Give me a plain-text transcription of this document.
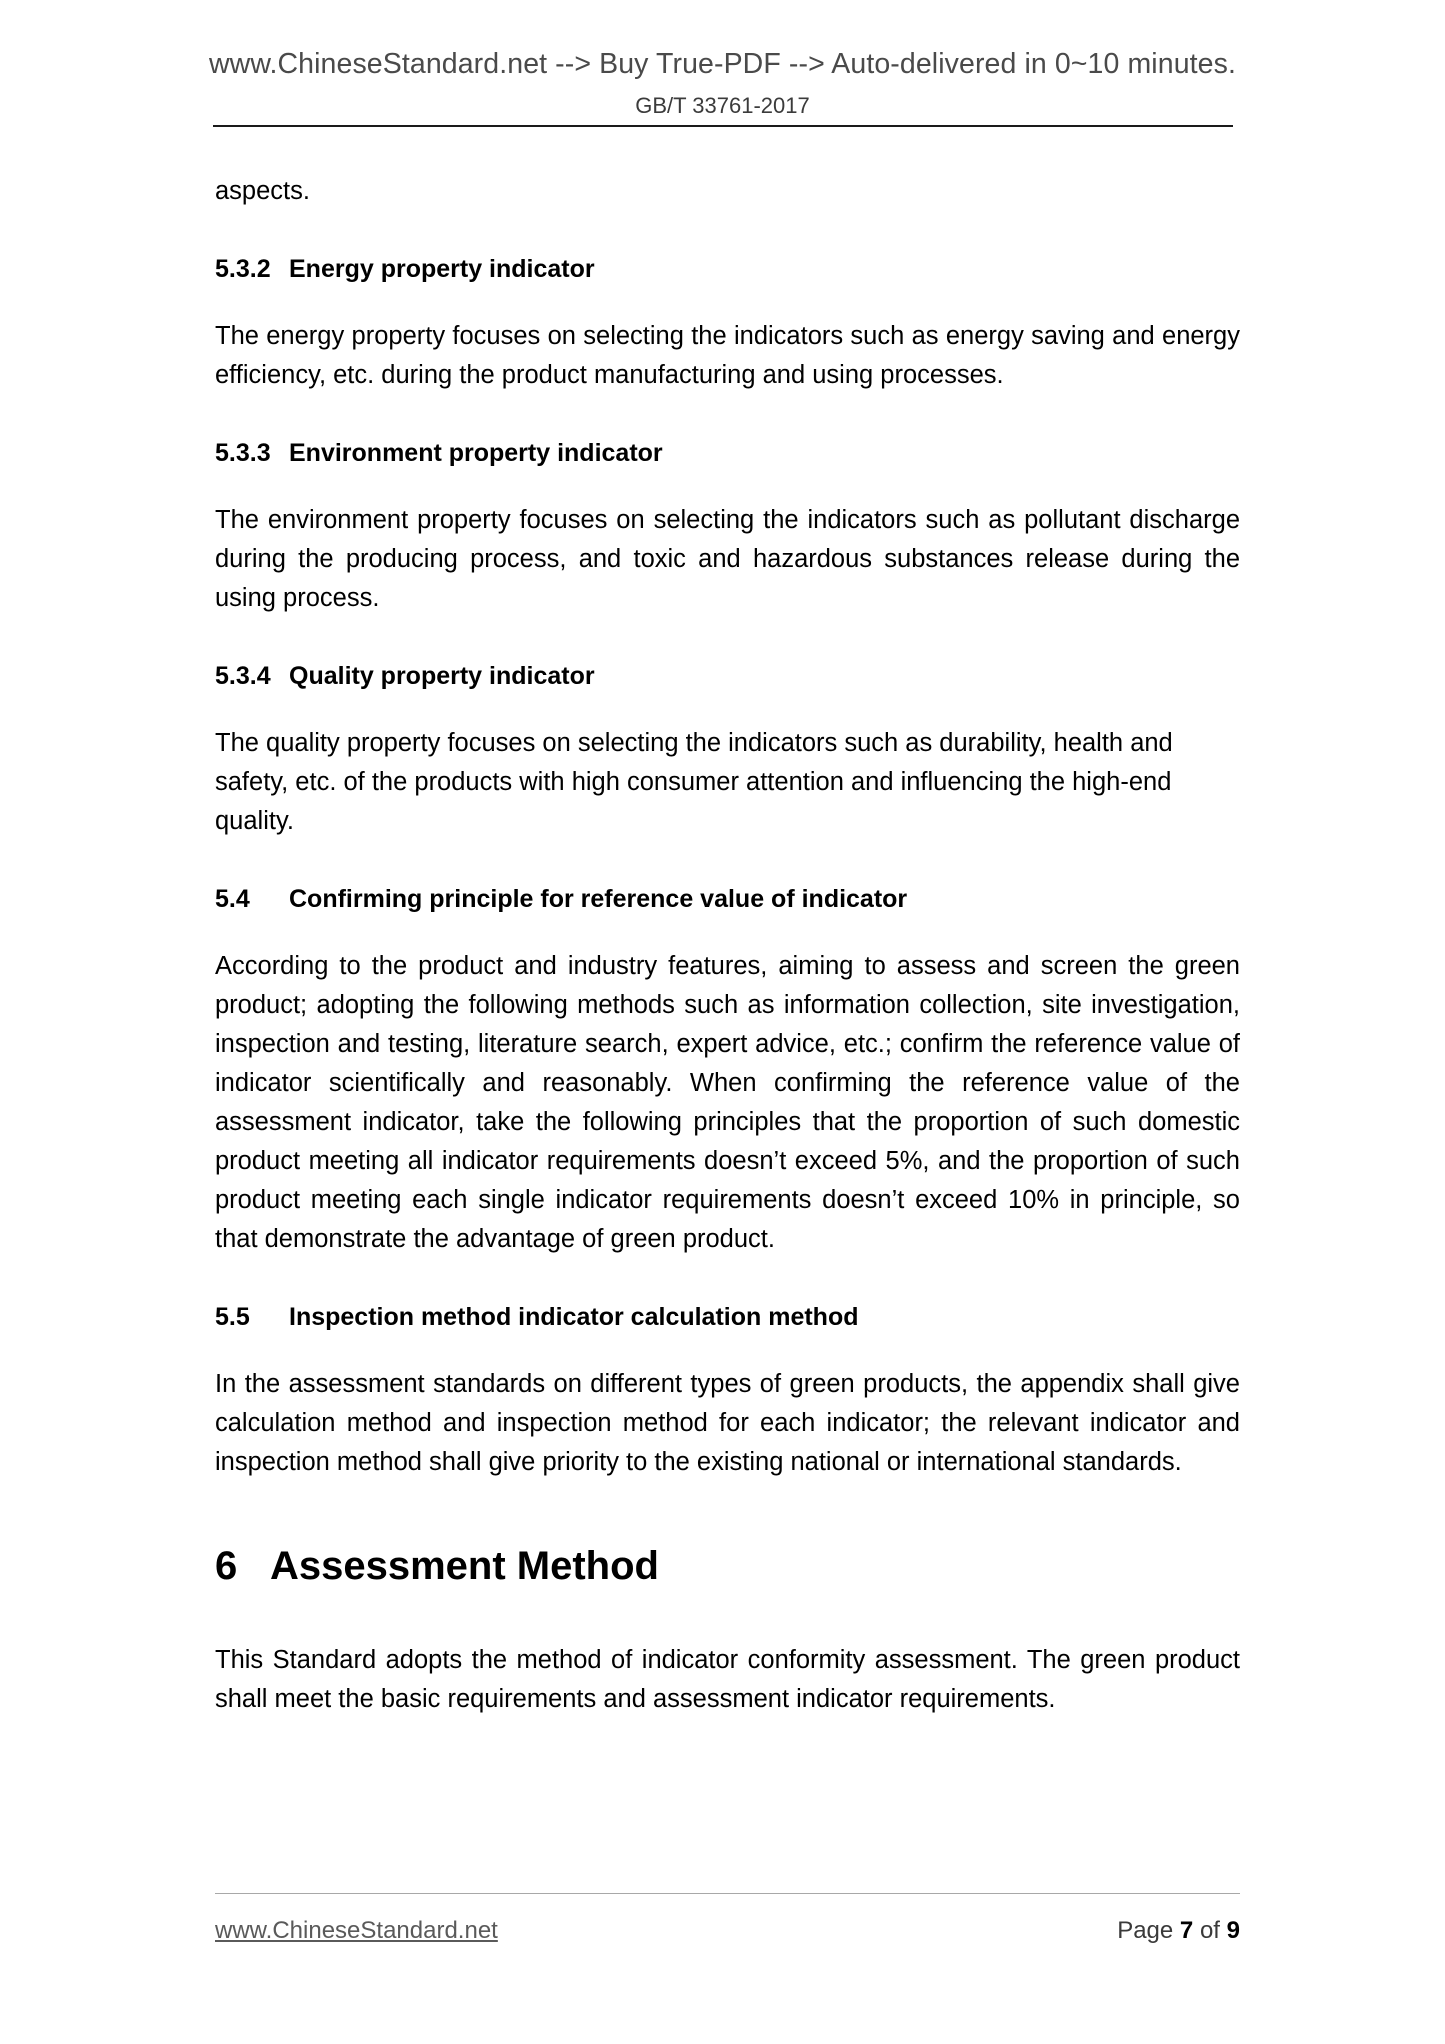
www.ChineseStandard.net --> Buy True-PDF --> Auto-delivered in 0~10 minutes.
GB/T 33761-2017

aspects.

5.3.2 Energy property indicator

The energy property focuses on selecting the indicators such as energy saving and energy efficiency, etc. during the product manufacturing and using processes.

5.3.3 Environment property indicator

The environment property focuses on selecting the indicators such as pollutant discharge during the producing process, and toxic and hazardous substances release during the using process.

5.3.4 Quality property indicator

The quality property focuses on selecting the indicators such as durability, health and safety, etc. of the products with high consumer attention and influencing the high-end quality.

5.4 Confirming principle for reference value of indicator

According to the product and industry features, aiming to assess and screen the green product; adopting the following methods such as information collection, site investigation, inspection and testing, literature search, expert advice, etc.; confirm the reference value of indicator scientifically and reasonably. When confirming the reference value of the assessment indicator, take the following principles that the proportion of such domestic product meeting all indicator requirements doesn’t exceed 5%, and the proportion of such product meeting each single indicator requirements doesn’t exceed 10% in principle, so that demonstrate the advantage of green product.

5.5 Inspection method indicator calculation method

In the assessment standards on different types of green products, the appendix shall give calculation method and inspection method for each indicator; the relevant indicator and inspection method shall give priority to the existing national or international standards.

6 Assessment Method

This Standard adopts the method of indicator conformity assessment. The green product shall meet the basic requirements and assessment indicator requirements.

www.ChineseStandard.net	Page 7 of 9
